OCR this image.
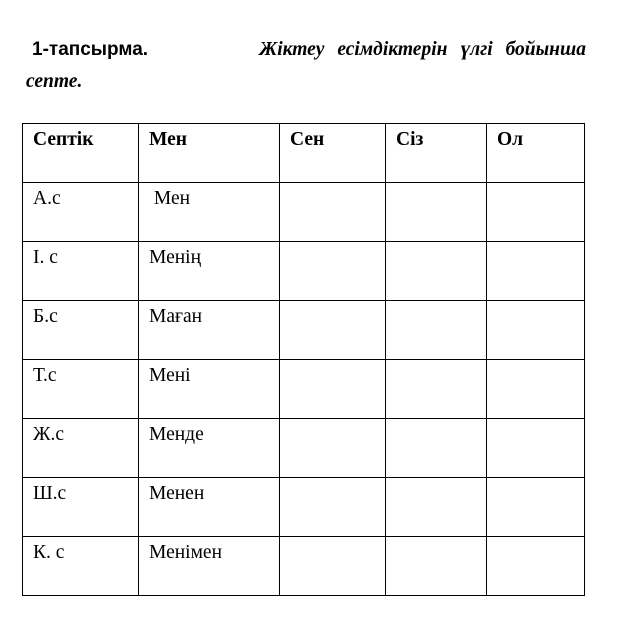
1-тапсырма.	Жіктеу есімдіктерін үлгі бойынша
септе.
Септік	Мен	Сен	Сіз	Ол
А.с	Мен			
І. с	Менің			
Б.с	Маған			
Т.с	Мені			
Ж.с	Менде			
Ш.с	Менен			
К. с	Менімен			
